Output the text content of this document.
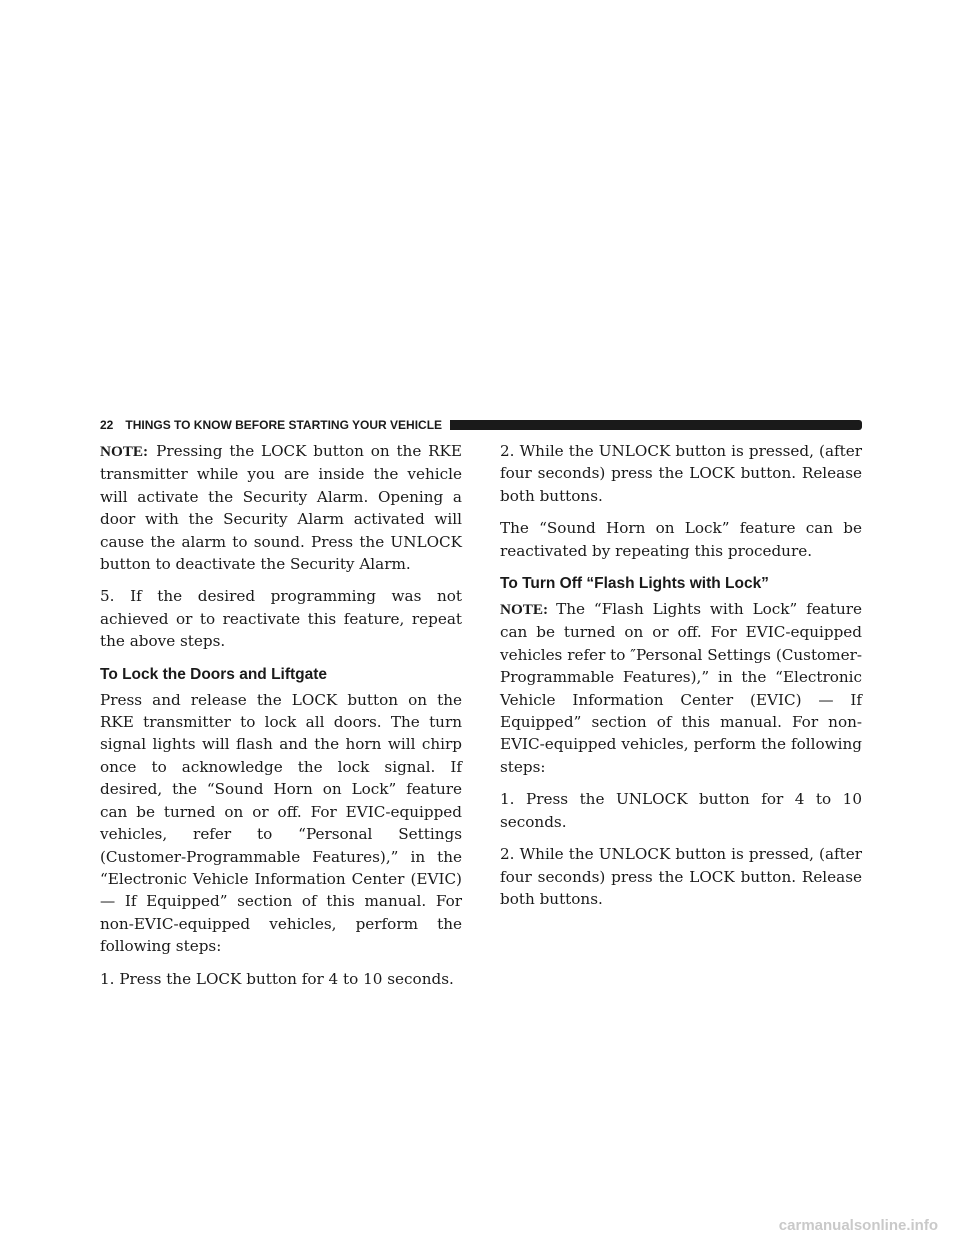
22 THINGS TO KNOW BEFORE STARTING YOUR VEHICLE

NOTE: Pressing the LOCK button on the RKE transmitter while you are inside the vehicle will activate the Security Alarm. Opening a door with the Security Alarm activated will cause the alarm to sound. Press the UNLOCK button to deactivate the Security Alarm.

5. If the desired programming was not achieved or to reactivate this feature, repeat the above steps.

To Lock the Doors and Liftgate

Press and release the LOCK button on the RKE transmitter to lock all doors. The turn signal lights will flash and the horn will chirp once to acknowledge the lock signal. If desired, the “Sound Horn on Lock” feature can be turned on or off. For EVIC-equipped vehicles, refer to “Personal Settings (Customer-Programmable Features),” in the “Electronic Vehicle Information Center (EVIC) — If Equipped” section of this manual. For non-EVIC-equipped vehicles, perform the following steps:

1. Press the LOCK button for 4 to 10 seconds.

2. While the UNLOCK button is pressed, (after four seconds) press the LOCK button. Release both buttons.

The “Sound Horn on Lock” feature can be reactivated by repeating this procedure.

To Turn Off “Flash Lights with Lock”

NOTE: The “Flash Lights with Lock” feature can be turned on or off. For EVIC-equipped vehicles refer to ″Personal Settings (Customer-Programmable Features),” in the “Electronic Vehicle Information Center (EVIC) — If Equipped” section of this manual. For non-EVIC-equipped vehicles, perform the following steps:

1. Press the UNLOCK button for 4 to 10 seconds.

2. While the UNLOCK button is pressed, (after four seconds) press the LOCK button. Release both buttons.

carmanualsonline.info
